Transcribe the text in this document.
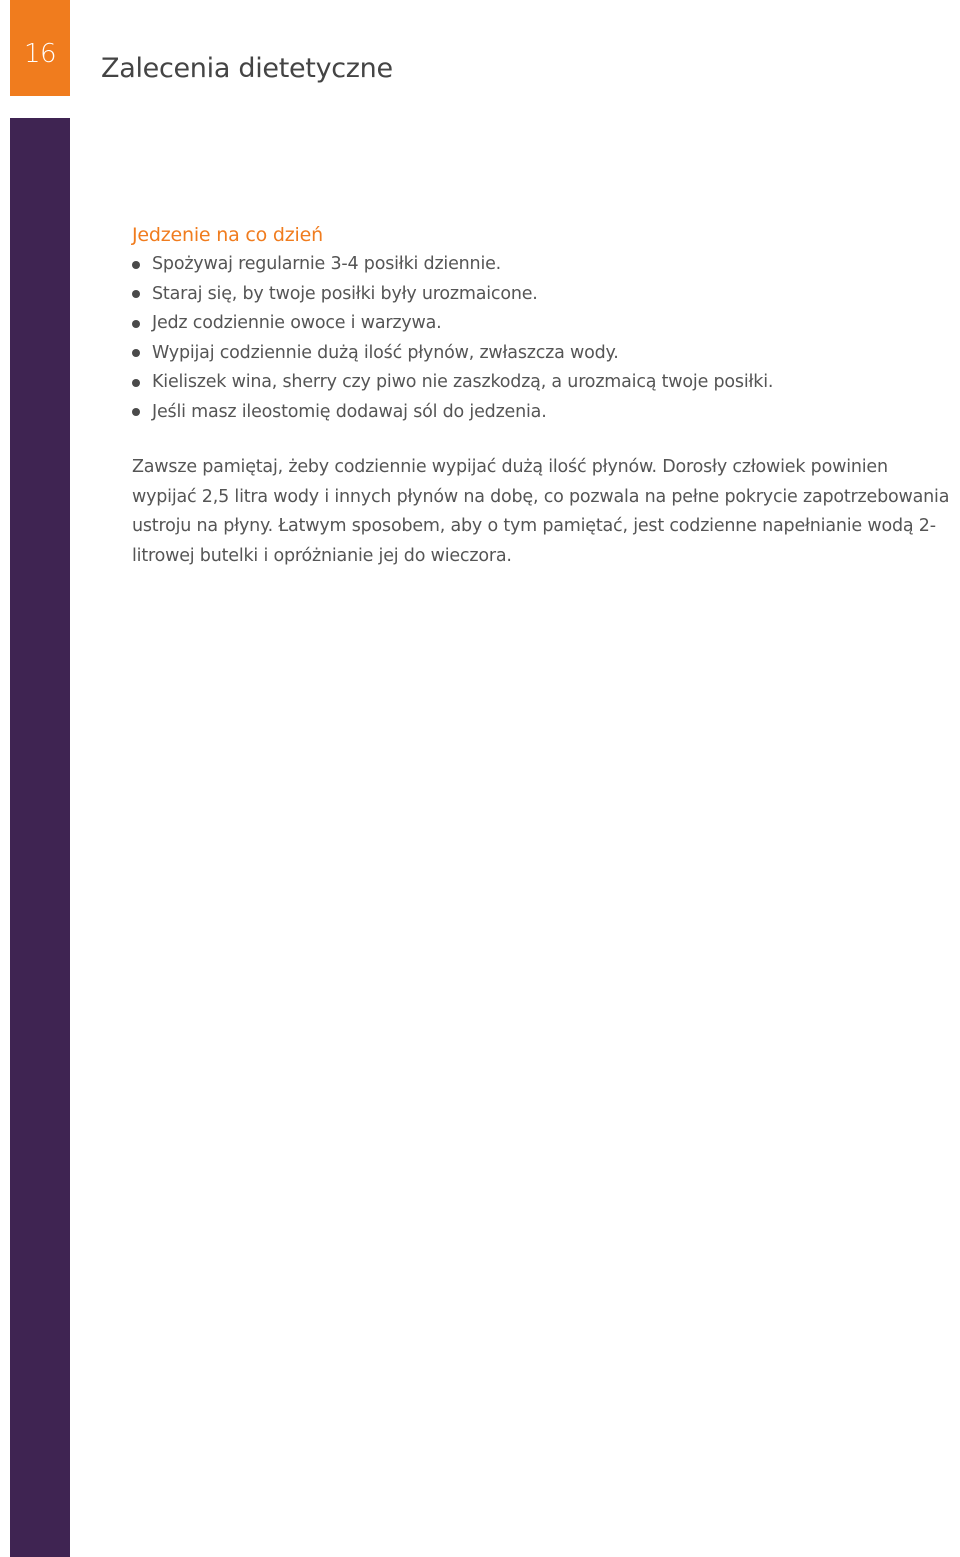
16 Zalecenia dietetyczne
Jedzenie na co dzień
Spożywaj regularnie 3-4 posiłki dziennie.
Staraj się, by twoje posiłki były urozmaicone.
Jedz codziennie owoce i warzywa.
Wypijaj codziennie dużą ilość płynów, zwłaszcza wody.
Kieliszek wina, sherry czy piwo nie zaszkodzą, a urozmaicą twoje posiłki.
Jeśli masz ileostomię dodawaj sól do jedzenia.

Zawsze pamiętaj, żeby codziennie wypijać dużą ilość płynów. Dorosły człowiek powinien wypijać 2,5 litra wody i innych płynów na dobę, co pozwala na pełne pokrycie zapotrzebowania ustroju na płyny. Łatwym sposobem, aby o tym pamiętać, jest codzienne napełnianie wodą 2-litrowej butelki i opróżnianie jej do wieczora.
